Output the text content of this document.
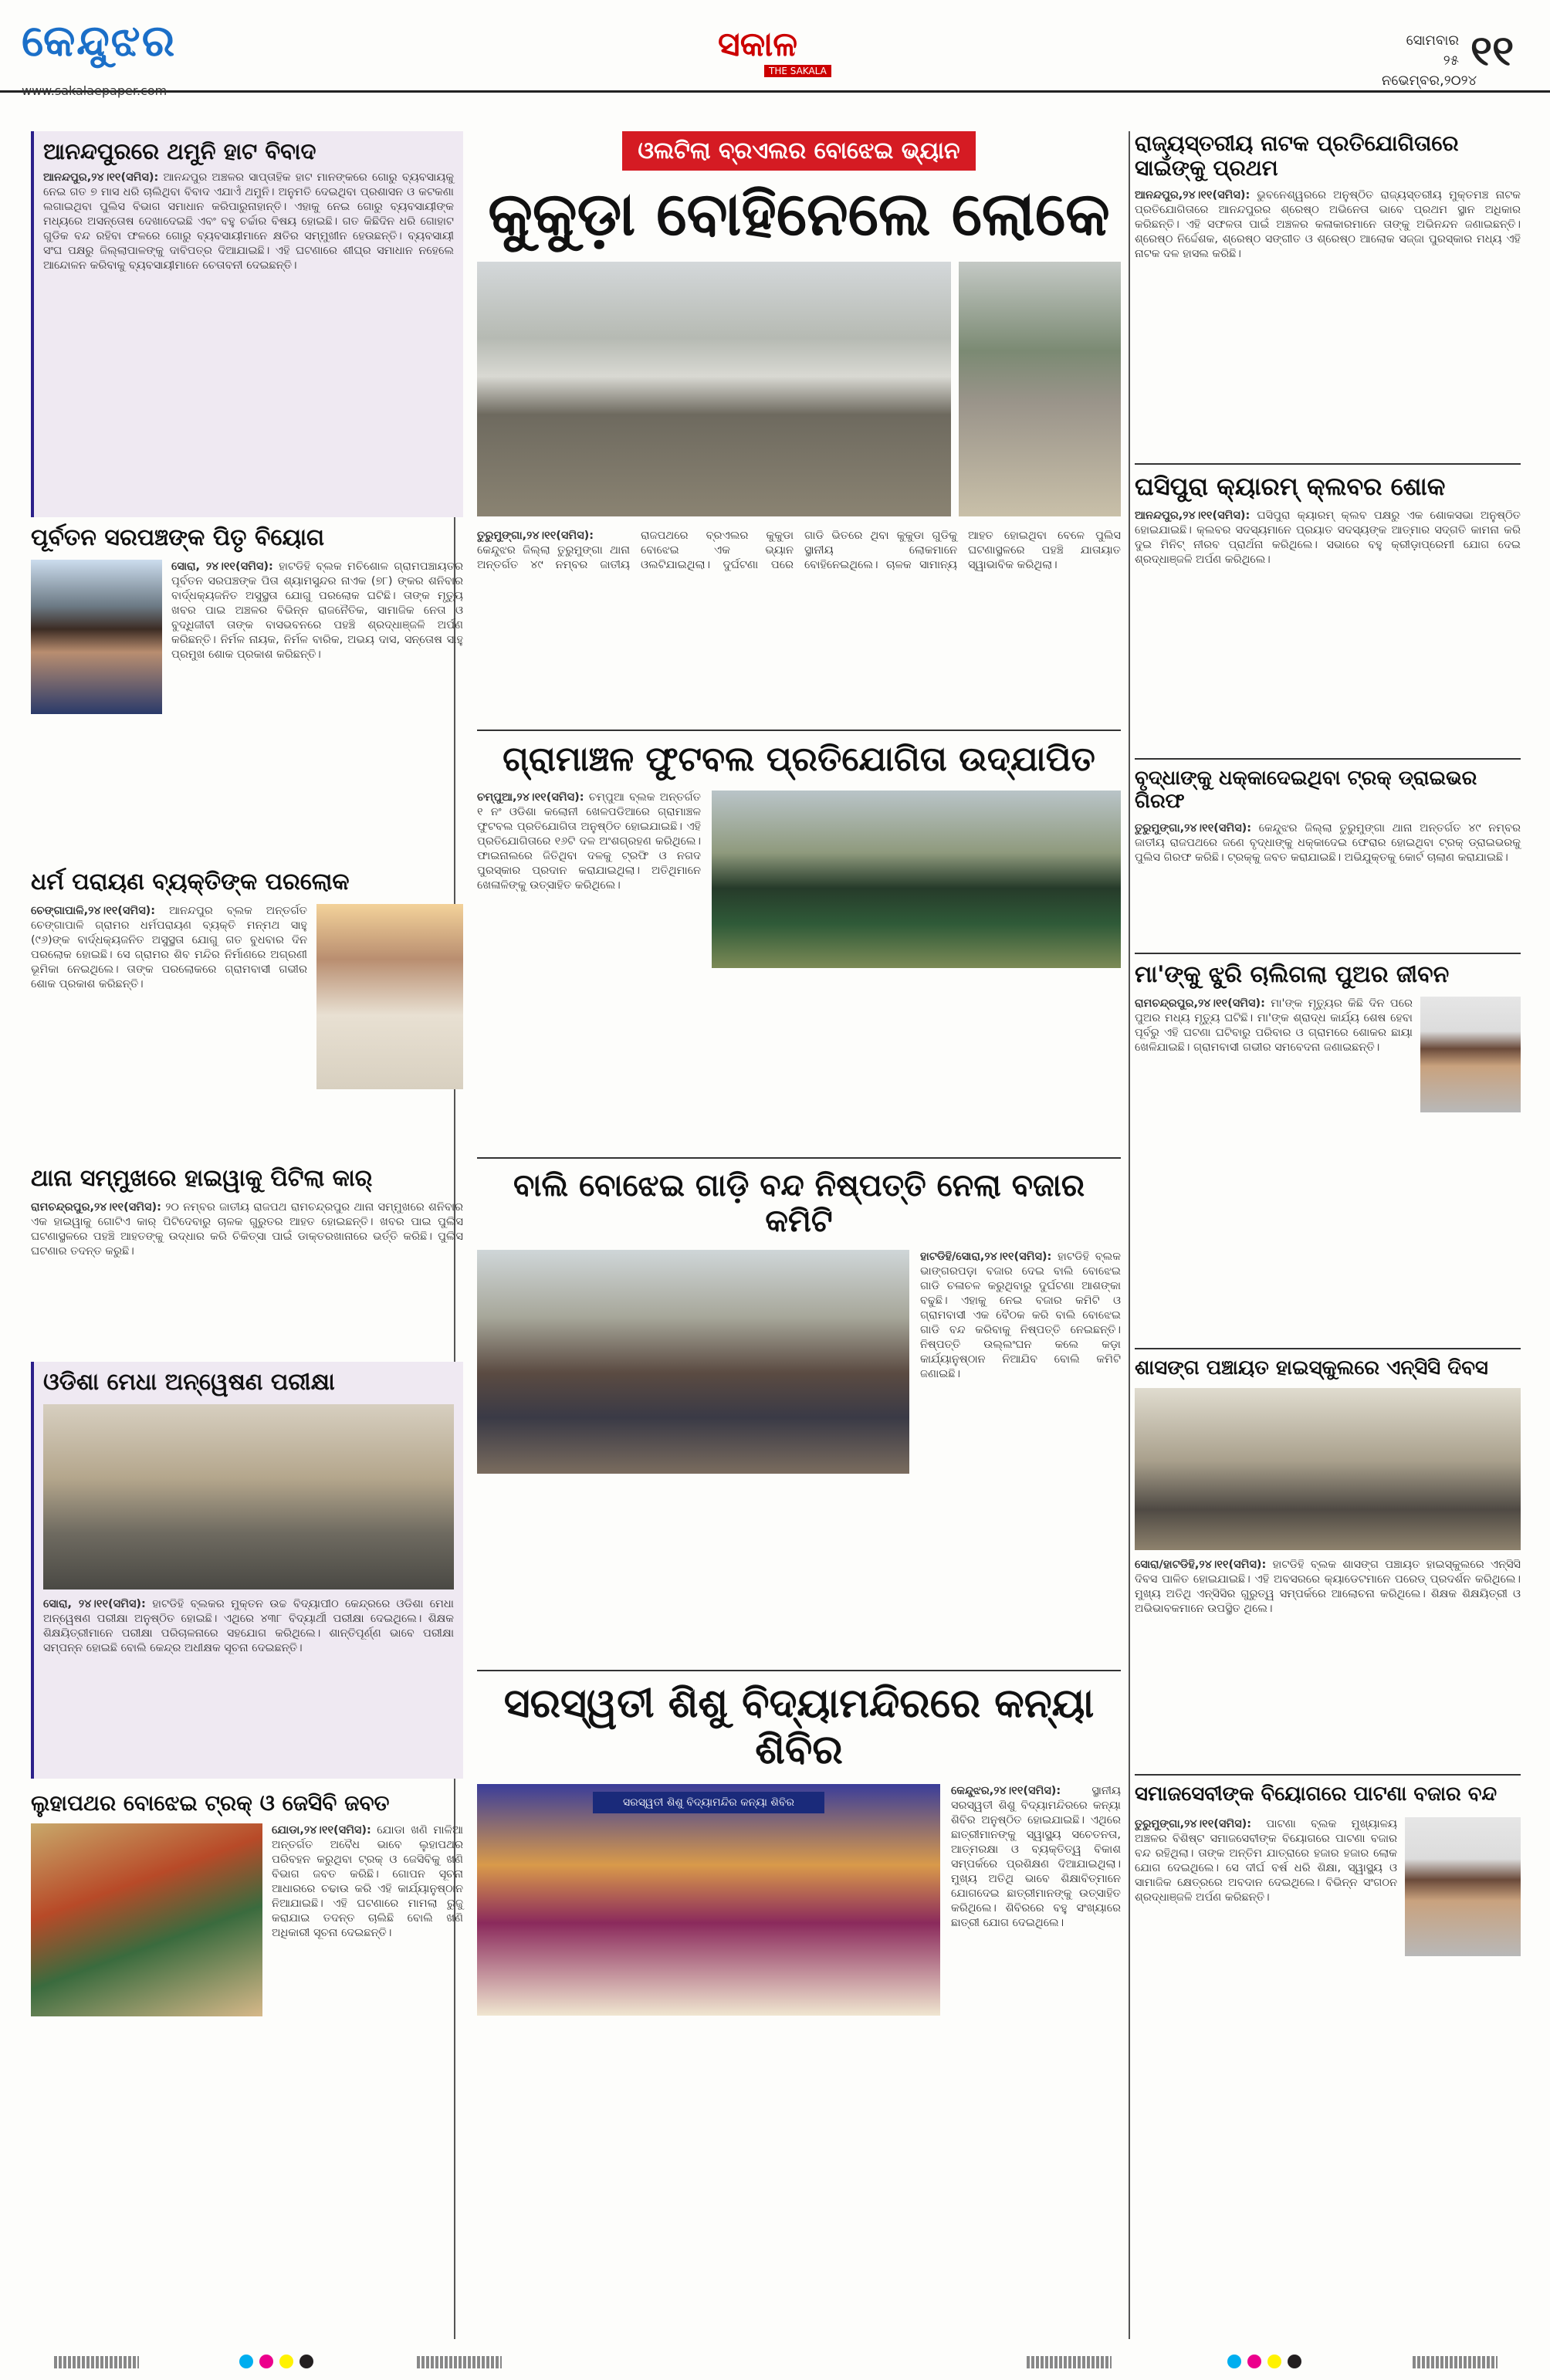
କେନ୍ଦୁଝର
www.sakalaepaper.com
ସକାଳ
THE SAKALA
ସୋମବାର
୨୫ ନଭେମ୍ବର,୨୦୨୪
୧୧
ଆନନ୍ଦପୁରରେ ଥମୁନି ହାଟ ବିବାଦ
ଆନନ୍ଦପୁର,୨୪।୧୧(ସମିସ): ଆନନ୍ଦପୁର ଅଞ୍ଚଳର ସାପ୍ତାହିକ ହାଟ ମାନଙ୍କରେ ଗୋରୁ ବ୍ୟବସାୟକୁ ନେଇ ଗତ ୭ ମାସ ଧରି ଚାଲିଥିବା ବିବାଦ ଏଯାଏଁ ଥମୁନି। ଅନୁମତି ଦେଇଥିବା ପ୍ରଶାସନ ଓ କଟକଣା ଲଗାଇଥିବା ପୁଲିସ ବିଭାଗ ସମାଧାନ କରିପାରୁନାହାନ୍ତି। ଏହାକୁ ନେଇ ଗୋରୁ ବ୍ୟବସାୟୀଙ୍କ ମଧ୍ୟରେ ଅସନ୍ତୋଷ ଦେଖାଦେଇଛି ଏବଂ ବହୁ ଚର୍ଚ୍ଚାର ବିଷୟ ହୋଇଛି। ଗତ କିଛିଦିନ ଧରି ଗୋହାଟ ଗୁଡିକ ବନ୍ଦ ରହିବା ଫଳରେ ଗୋରୁ ବ୍ୟବସାୟୀମାନେ କ୍ଷତିର ସମ୍ମୁଖୀନ ହେଉଛନ୍ତି। ବ୍ୟବସାୟୀ ସଂଘ ପକ୍ଷରୁ ଜିଲ୍ଲାପାଳଙ୍କୁ ଦାବିପତ୍ର ଦିଆଯାଇଛି। ଏହି ଘଟଣାରେ ଶୀଘ୍ର ସମାଧାନ ନହେଲେ ଆନ୍ଦୋଳନ କରିବାକୁ ବ୍ୟବସାୟୀମାନେ ଚେତାବନୀ ଦେଇଛନ୍ତି।
ପୂର୍ବତନ ସରପଞ୍ଚଙ୍କ ପିତୃ ବିୟୋଗ
ସୋରା, ୨୪।୧୧(ସମିସ): ହାଟଡିହି ବ୍ଲକ ମଚିଶୋଳ ଗ୍ରାମପଞ୍ଚାୟତର ପୂର୍ବତନ ସରପଞ୍ଚଙ୍କ ପିତା ଶ୍ୟାମସୁନ୍ଦର ନାଏକ (୭୮) ଙ୍କର ଶନିବାର ବାର୍ଦ୍ଧକ୍ୟଜନିତ ଅସୁସ୍ଥତା ଯୋଗୁ ପରଲୋକ ଘଟିଛି। ତାଙ୍କ ମୃତ୍ୟୁ ଖବର ପାଇ ଅଞ୍ଚଳର ବିଭିନ୍ନ ରାଜନୈତିକ, ସାମାଜିକ ନେତା ଓ ବୁଦ୍ଧିଜୀବୀ ତାଙ୍କ ବାସଭବନରେ ପହଞ୍ଚି ଶ୍ରଦ୍ଧାଞ୍ଜଳି ଅର୍ପଣ କରିଛନ୍ତି। ନିର୍ମଳ ନାୟକ, ନିର୍ମଳ ବାରିକ, ଅଭୟ ଦାସ, ସନ୍ତୋଷ ସାହୁ ପ୍ରମୁଖ ଶୋକ ପ୍ରକାଶ କରିଛନ୍ତି।
ଧର୍ମ ପରାୟଣ ବ୍ୟକ୍ତିଙ୍କ ପରଲୋକ
ଚେଙ୍ଗାପାଳି,୨୪।୧୧(ସମିସ): ଆନନ୍ଦପୁର ବ୍ଲକ ଅନ୍ତର୍ଗତ ଚେଙ୍ଗାପାଳି ଗ୍ରାମର ଧର୍ମପରାୟଣ ବ୍ୟକ୍ତି ମନ୍ମଥ ସାହୁ (୯୬)ଙ୍କ ବାର୍ଦ୍ଧକ୍ୟଜନିତ ଅସୁସ୍ଥତା ଯୋଗୁ ଗତ ବୁଧବାର ଦିନ ପରଲୋକ ହୋଇଛି। ସେ ଗ୍ରାମର ଶିବ ମନ୍ଦିର ନିର୍ମାଣରେ ଅଗ୍ରଣୀ ଭୂମିକା ନେଇଥିଲେ। ତାଙ୍କ ପରଲୋକରେ ଗ୍ରାମବାସୀ ଗଭୀର ଶୋକ ପ୍ରକାଶ କରିଛନ୍ତି।
ଥାନା ସମ୍ମୁଖରେ ହାଇୱାକୁ ପିଟିଲା କାର୍
ରାମଚନ୍ଦ୍ରପୁର,୨୪।୧୧(ସମିସ): ୨୦ ନମ୍ବର ଜାତୀୟ ରାଜପଥ ରାମଚନ୍ଦ୍ରପୁର ଥାନା ସମ୍ମୁଖରେ ଶନିବାର ଏକ ହାଇୱାକୁ ଗୋଟିଏ କାର୍ ପିଟିଦେବାରୁ ଚାଳକ ଗୁରୁତର ଆହତ ହୋଇଛନ୍ତି। ଖବର ପାଇ ପୁଲିସ ଘଟଣାସ୍ଥଳରେ ପହଞ୍ଚି ଆହତଙ୍କୁ ଉଦ୍ଧାର କରି ଚିକିତ୍ସା ପାଇଁ ଡାକ୍ତରଖାନାରେ ଭର୍ତ୍ତି କରିଛି। ପୁଲିସ ଘଟଣାର ତଦନ୍ତ କରୁଛି।
ଓଡିଶା ମେଧା ଅନ୍ୱେଷଣ ପରୀକ୍ଷା
ସୋରା, ୨୪।୧୧(ସମିସ): ହାଟଡିହି ବ୍ଲକର ମୁକ୍ତନ ଉଚ୍ଚ ବିଦ୍ୟାପୀଠ କେନ୍ଦ୍ରରେ ଓଡିଶା ମେଧା ଅନ୍ୱେଷଣ ପରୀକ୍ଷା ଅନୁଷ୍ଠିତ ହୋଇଛି। ଏଥିରେ ୪୩୮ ବିଦ୍ୟାର୍ଥୀ ପରୀକ୍ଷା ଦେଇଥିଲେ। ଶିକ୍ଷକ ଶିକ୍ଷୟିତ୍ରୀମାନେ ପରୀକ୍ଷା ପରିଚାଳନାରେ ସହଯୋଗ କରିଥିଲେ। ଶାନ୍ତିପୂର୍ଣ୍ଣ ଭାବେ ପରୀକ୍ଷା ସମ୍ପନ୍ନ ହୋଇଛି ବୋଲି କେନ୍ଦ୍ର ଅଧୀକ୍ଷକ ସୂଚନା ଦେଇଛନ୍ତି।
ଲୁହାପଥର ବୋଝେଇ ଟ୍ରକ୍ ଓ ଜେସିବି ଜବତ
ଯୋଡା,୨୪।୧୧(ସମିସ): ଯୋଡା ଖଣି ମାଳିଆ ଅନ୍ତର୍ଗତ ଅବୈଧ ଭାବେ ଲୁହାପଥର ପରିବହନ କରୁଥିବା ଟ୍ରକ୍ ଓ ଜେସିବିକୁ ଖଣି ବିଭାଗ ଜବତ କରିଛି। ଗୋପନ ସୂଚନା ଆଧାରରେ ଚଢାଉ କରି ଏହି କାର୍ଯ୍ୟାନୁଷ୍ଠାନ ନିଆଯାଇଛି। ଏହି ଘଟଣାରେ ମାମଲା ରୁଜୁ କରାଯାଇ ତଦନ୍ତ ଚାଲିଛି ବୋଲି ଖଣି ଅଧିକାରୀ ସୂଚନା ଦେଇଛନ୍ତି।
ଓଲଟିଲା ବ୍ରଏଲର ବୋଝେଇ ଭ୍ୟାନ
କୁକୁଡ଼ା ବୋହିନେଲେ ଲୋକେ
ତୁରୁମୁଙ୍ଗା,୨୪।୧୧(ସମିସ): କେନ୍ଦୁଝର ଜିଲ୍ଲା ତୁରୁମୁଙ୍ଗା ଥାନା ଅନ୍ତର୍ଗତ ୪୯ ନମ୍ବର ଜାତୀୟ ରାଜପଥରେ ବ୍ରଏଲର କୁକୁଡା ବୋଝେଇ ଏକ ଭ୍ୟାନ ଓଲଟିଯାଇଥିଲା। ଦୁର୍ଘଟଣା ପରେ ଗାଡି ଭିତରେ ଥିବା କୁକୁଡା ଗୁଡିକୁ ସ୍ଥାନୀୟ ଲୋକମାନେ ବୋହିନେଇଥିଲେ। ଚାଳକ ସାମାନ୍ୟ ଆହତ ହୋଇଥିବା ବେଳେ ପୁଲିସ ଘଟଣାସ୍ଥଳରେ ପହଞ୍ଚି ଯାତାୟାତ ସ୍ୱାଭାବିକ କରିଥିଲା।
ଗ୍ରାମାଞ୍ଚଳ ଫୁଟବଲ ପ୍ରତିଯୋଗିତା ଉଦ୍‌ଯାପିତ
ଚମ୍ପୁଆ,୨୪।୧୧(ସମିସ): ଚମ୍ପୁଆ ବ୍ଲକ ଅନ୍ତର୍ଗତ ୧ ନଂ ଓଡିଶା କଲୋନୀ ଖେଳପଡିଆରେ ଗ୍ରାମାଞ୍ଚଳ ଫୁଟବଲ ପ୍ରତିଯୋଗିତା ଅନୁଷ୍ଠିତ ହୋଇଯାଇଛି। ଏହି ପ୍ରତିଯୋଗିତାରେ ୧୬ଟି ଦଳ ଅଂଶଗ୍ରହଣ କରିଥିଲେ। ଫାଇନାଲରେ ଜିତିଥିବା ଦଳକୁ ଟ୍ରଫି ଓ ନଗଦ ପୁରସ୍କାର ପ୍ରଦାନ କରାଯାଇଥିଲା। ଅତିଥିମାନେ ଖେଳାଳିଙ୍କୁ ଉତ୍ସାହିତ କରିଥିଲେ।
ବାଲି ବୋଝେଇ ଗାଡ଼ି ବନ୍ଦ ନିଷ୍ପତ୍ତି ନେଲା ବଜାର କମିଟି
ହାଟଡିହି/ସୋରା,୨୪।୧୧(ସମିସ): ହାଟଡିହି ବ୍ଲକ ଭାଙ୍ଗରପଡ଼ା ବଜାର ଦେଇ ବାଲି ବୋଝେଇ ଗାଡି ଚଳାଚଳ କରୁଥିବାରୁ ଦୁର୍ଘଟଣା ଆଶଙ୍କା ବଢୁଛି। ଏହାକୁ ନେଇ ବଜାର କମିଟି ଓ ଗ୍ରାମବାସୀ ଏକ ବୈଠକ କରି ବାଲି ବୋଝେଇ ଗାଡି ବନ୍ଦ କରିବାକୁ ନିଷ୍ପତ୍ତି ନେଇଛନ୍ତି। ନିଷ୍ପତ୍ତି ଉଲ୍ଲଂଘନ କଲେ କଡ଼ା କାର୍ଯ୍ୟାନୁଷ୍ଠାନ ନିଆଯିବ ବୋଲି କମିଟି ଜଣାଇଛି।
ସରସ୍ୱତୀ ଶିଶୁ ବିଦ୍ୟାମନ୍ଦିରରେ କନ୍ୟା ଶିବିର
ସରସ୍ୱତୀ ଶିଶୁ ବିଦ୍ୟାମନ୍ଦିର କନ୍ୟା ଶିବିର
କେନ୍ଦୁଝର,୨୪।୧୧(ସମିସ):	ସ୍ଥାନୀୟ ସରସ୍ୱତୀ ଶିଶୁ ବିଦ୍ୟାମନ୍ଦିରରେ କନ୍ୟା ଶିବିର ଅନୁଷ୍ଠିତ ହୋଇଯାଇଛି। ଏଥିରେ ଛାତ୍ରୀମାନଙ୍କୁ ସ୍ୱାସ୍ଥ୍ୟ ସଚେତନତା, ଆତ୍ମରକ୍ଷା ଓ ବ୍ୟକ୍ତିତ୍ୱ ବିକାଶ ସମ୍ପର୍କରେ ପ୍ରଶିକ୍ଷଣ ଦିଆଯାଇଥିଲା। ମୁଖ୍ୟ ଅତିଥି ଭାବେ ଶିକ୍ଷାବିତ୍ମାନେ ଯୋଗଦେଇ ଛାତ୍ରୀମାନଙ୍କୁ ଉତ୍ସାହିତ କରିଥିଲେ। ଶିବିରରେ ବହୁ ସଂଖ୍ୟାରେ ଛାତ୍ରୀ ଯୋଗ ଦେଇଥିଲେ।
ରାଜ୍ୟସ୍ତରୀୟ ନାଟକ ପ୍ରତିଯୋଗିତାରେ ସାଇଁଙ୍କୁ ପ୍ରଥମ
ଆନନ୍ଦପୁର,୨୪।୧୧(ସମିସ): ଭୁବନେଶ୍ୱରରେ ଅନୁଷ୍ଠିତ ରାଜ୍ୟସ୍ତରୀୟ ମୁକ୍ତମଞ୍ଚ ନାଟକ ପ୍ରତିଯୋଗିତାରେ ଆନନ୍ଦପୁରର ଶ୍ରେଷ୍ଠ ଅଭିନେତା ଭାବେ ପ୍ରଥମ ସ୍ଥାନ ଅଧିକାର କରିଛନ୍ତି। ଏହି ସଫଳତା ପାଇଁ ଅଞ୍ଚଳର କଳାକାରମାନେ ତାଙ୍କୁ ଅଭିନନ୍ଦନ ଜଣାଇଛନ୍ତି। ଶ୍ରେଷ୍ଠ ନିର୍ଦ୍ଦେଶକ, ଶ୍ରେଷ୍ଠ ସଙ୍ଗୀତ ଓ ଶ୍ରେଷ୍ଠ ଆଲୋକ ସଜ୍ଜା ପୁରସ୍କାର ମଧ୍ୟ ଏହି ନାଟକ ଦଳ ହାସଲ କରିଛି।
ଘସିପୁରା କ୍ୟାରମ୍ କ୍ଲବର ଶୋକ
ଆନନ୍ଦପୁର,୨୪।୧୧(ସମିସ): ଘସିପୁରା କ୍ୟାରମ୍ କ୍ଲବ ପକ୍ଷରୁ ଏକ ଶୋକସଭା ଅନୁଷ୍ଠିତ ହୋଇଯାଇଛି। କ୍ଲବର ସଦସ୍ୟମାନେ ପ୍ରୟାତ ସଦସ୍ୟଙ୍କ ଆତ୍ମାର ସଦ୍‌ଗତି କାମନା କରି ଦୁଇ ମିନିଟ୍ ନୀରବ ପ୍ରାର୍ଥନା କରିଥିଲେ। ସଭାରେ ବହୁ କ୍ରୀଡ଼ାପ୍ରେମୀ ଯୋଗ ଦେଇ ଶ୍ରଦ୍ଧାଞ୍ଜଳି ଅର୍ପଣ କରିଥିଲେ।
ବୃଦ୍ଧାଙ୍କୁ ଧକ୍କାଦେଇଥିବା ଟ୍ରକ୍ ଡ୍ରାଇଭର ଗିରଫ
ତୁରୁମୁଙ୍ଗା,୨୪।୧୧(ସମିସ): କେନ୍ଦୁଝର ଜିଲ୍ଲା ତୁରୁମୁଙ୍ଗା ଥାନା ଅନ୍ତର୍ଗତ ୪୯ ନମ୍ବର ଜାତୀୟ ରାଜପଥରେ ଜଣେ ବୃଦ୍ଧାଙ୍କୁ ଧକ୍କାଦେଇ ଫେରାର ହୋଇଥିବା ଟ୍ରକ୍ ଡ୍ରାଇଭରକୁ ପୁଲିସ ଗିରଫ କରିଛି। ଟ୍ରକ୍‌କୁ ଜବତ କରାଯାଇଛି। ଅଭିଯୁକ୍ତକୁ କୋର୍ଟ ଚାଲାଣ କରାଯାଇଛି।
ମା'ଙ୍କୁ ଝୁରି ଚାଲିଗଲା ପୁଅର ଜୀବନ
ରାମଚନ୍ଦ୍ରପୁର,୨୪।୧୧(ସମିସ): ମା'ଙ୍କ ମୃତ୍ୟୁର କିଛି ଦିନ ପରେ ପୁଅର ମଧ୍ୟ ମୃତ୍ୟୁ ଘଟିଛି। ମା'ଙ୍କ ଶ୍ରାଦ୍ଧ କାର୍ଯ୍ୟ ଶେଷ ହେବା ପୂର୍ବରୁ ଏହି ଘଟଣା ଘଟିବାରୁ ପରିବାର ଓ ଗ୍ରାମରେ ଶୋକର ଛାୟା ଖେଳିଯାଇଛି। ଗ୍ରାମବାସୀ ଗଭୀର ସମବେଦନା ଜଣାଇଛନ୍ତି।
ଶାସଙ୍ଗ ପଞ୍ଚାୟତ ହାଇସ୍କୁଲରେ ଏନ୍‌ସିସି ଦିବସ
ସୋରା/ହାଟଡିହି,୨୪।୧୧(ସମିସ): ହାଟଡିହି ବ୍ଲକ ଶାସଙ୍ଗ ପଞ୍ଚାୟତ ହାଇସ୍କୁଲରେ ଏନ୍‌ସିସି ଦିବସ ପାଳିତ ହୋଇଯାଇଛି। ଏହି ଅବସରରେ କ୍ୟାଡେଟମାନେ ପରେଡ୍ ପ୍ରଦର୍ଶନ କରିଥିଲେ। ମୁଖ୍ୟ ଅତିଥି ଏନ୍‌ସିସିର ଗୁରୁତ୍ୱ ସମ୍ପର୍କରେ ଆଲୋଚନା କରିଥିଲେ। ଶିକ୍ଷକ ଶିକ୍ଷୟିତ୍ରୀ ଓ ଅଭିଭାବକମାନେ ଉପସ୍ଥିତ ଥିଲେ।
ସମାଜସେବୀଙ୍କ ବିୟୋଗରେ ପାଟଣା ବଜାର ବନ୍ଦ
ତୁରୁମୁଙ୍ଗା,୨୪।୧୧(ସମିସ): ପାଟଣା ବ୍ଲକ ମୁଖ୍ୟାଳୟ ଅଞ୍ଚଳର ବିଶିଷ୍ଟ ସମାଜସେବୀଙ୍କ ବିୟୋଗରେ ପାଟଣା ବଜାର ବନ୍ଦ ରହିଥିଲା। ତାଙ୍କ ଅନ୍ତିମ ଯାତ୍ରାରେ ହଜାର ହଜାର ଲୋକ ଯୋଗ ଦେଇଥିଲେ। ସେ ଦୀର୍ଘ ବର୍ଷ ଧରି ଶିକ୍ଷା, ସ୍ୱାସ୍ଥ୍ୟ ଓ ସାମାଜିକ କ୍ଷେତ୍ରରେ ଅବଦାନ ଦେଇଥିଲେ। ବିଭିନ୍ନ ସଂଗଠନ ଶ୍ରଦ୍ଧାଞ୍ଜଳି ଅର୍ପଣ କରିଛନ୍ତି।
